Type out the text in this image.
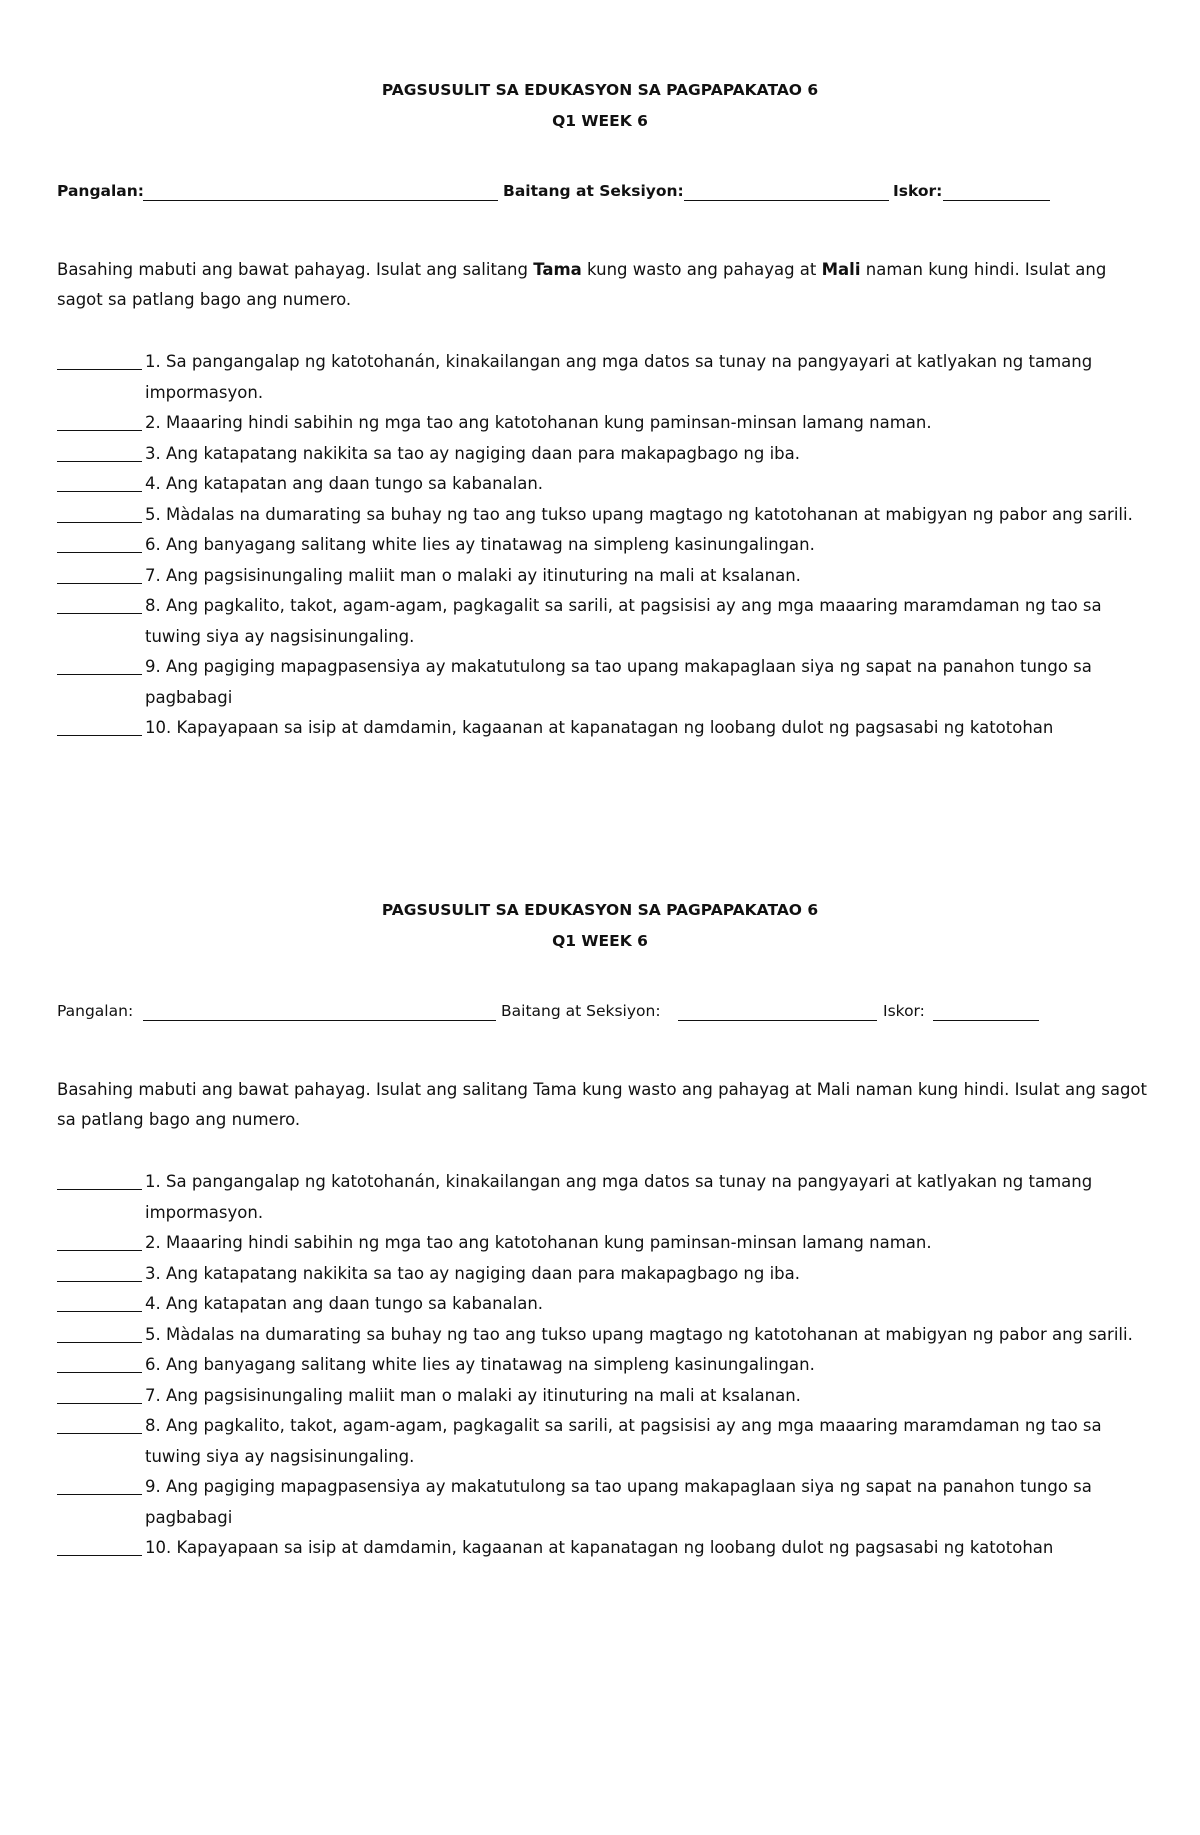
PAGSUSULIT SA EDUKASYON SA PAGPAPAKATAO 6

Q1 WEEK 6

Pangalan:	Baitang at Seksiyon:	Iskor:

Basahing mabuti ang bawat pahayag. Isulat ang salitang Tama kung wasto ang pahayag at Mali naman kung hindi. Isulat ang sagot sa patlang bago ang numero.

1. Sa pangangalap ng katotohanán, kinakailangan ang mga datos sa tunay na pangyayari at katlyakan ng tamang impormasyon.
2. Maaaring hindi sabihin ng mga tao ang katotohanan kung paminsan-minsan lamang naman.
3. Ang katapatang nakikita sa tao ay nagiging daan para makapagbago ng iba.
4. Ang katapatan ang daan tungo sa kabanalan.
5. Màdalas na dumarating sa buhay ng tao ang tukso upang magtago ng katotohanan at mabigyan ng pabor ang sarili.
6. Ang banyagang salitang white lies ay tinatawag na simpleng kasinungalingan.
7. Ang pagsisinungaling maliit man o malaki ay itinuturing na mali at ksalanan.
8. Ang pagkalito, takot, agam-agam, pagkagalit sa sarili, at pagsisisi ay ang mga maaaring maramdaman ng tao sa tuwing siya ay nagsisinungaling.
9. Ang pagiging mapagpasensiya ay makatutulong sa tao upang makapaglaan siya ng sapat na panahon tungo sa pagbabagi
10. Kapayapaan sa isip at damdamin, kagaanan at kapanatagan ng loobang dulot ng pagsasabi ng katotohan

PAGSUSULIT SA EDUKASYON SA PAGPAPAKATAO 6

Q1 WEEK 6

Pangalan:	Baitang at Seksiyon:	Iskor:

Basahing mabuti ang bawat pahayag. Isulat ang salitang Tama kung wasto ang pahayag at Mali naman kung hindi. Isulat ang sagot sa patlang bago ang numero.

1. Sa pangangalap ng katotohanán, kinakailangan ang mga datos sa tunay na pangyayari at katlyakan ng tamang impormasyon.
2. Maaaring hindi sabihin ng mga tao ang katotohanan kung paminsan-minsan lamang naman.
3. Ang katapatang nakikita sa tao ay nagiging daan para makapagbago ng iba.
4. Ang katapatan ang daan tungo sa kabanalan.
5. Màdalas na dumarating sa buhay ng tao ang tukso upang magtago ng katotohanan at mabigyan ng pabor ang sarili.
6. Ang banyagang salitang white lies ay tinatawag na simpleng kasinungalingan.
7. Ang pagsisinungaling maliit man o malaki ay itinuturing na mali at ksalanan.
8. Ang pagkalito, takot, agam-agam, pagkagalit sa sarili, at pagsisisi ay ang mga maaaring maramdaman ng tao sa tuwing siya ay nagsisinungaling.
9. Ang pagiging mapagpasensiya ay makatutulong sa tao upang makapaglaan siya ng sapat na panahon tungo sa pagbabagi
10. Kapayapaan sa isip at damdamin, kagaanan at kapanatagan ng loobang dulot ng pagsasabi ng katotohan
